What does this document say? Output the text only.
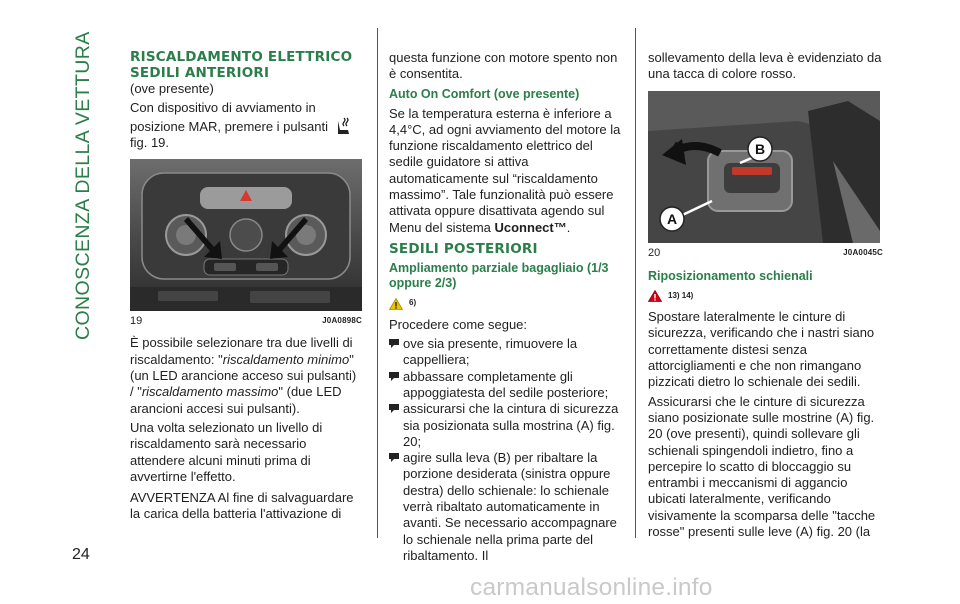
CONOSCENZA DELLA VETTURA
24
carmanualsonline.info
RISCALDAMENTO ELETTRICO
SEDILI ANTERIORI

(ove presente)

Con dispositivo di avviamento in posizione MAR, premere i pulsanti
fig. 19.

19	J0A0898C

È possibile selezionare tra due livelli di riscaldamento: "riscaldamento minimo" (un LED arancione acceso sui pulsanti) / "riscaldamento massimo" (due LED arancioni accesi sui pulsanti).

Una volta selezionato un livello di riscaldamento sarà necessario attendere alcuni minuti prima di avvertirne l'effetto.

AVVERTENZA Al fine di salvaguardare la carica della batteria l'attivazione di

questa funzione con motore spento non è consentita.

Auto On Comfort (ove presente)

Se la temperatura esterna è inferiore a 4,4°C, ad ogni avviamento del motore la funzione riscaldamento elettrico del sedile guidatore si attiva automaticamente sul “riscaldamento massimo”. Tale funzionalità può essere attivata oppure disattivata agendo sul Menu del sistema Uconnect™.

SEDILI POSTERIORI
Ampliamento parziale bagagliaio (1/3 oppure 2/3)
6)

Procedere come segue:

ove sia presente, rimuovere la cappelliera;
abbassare completamente gli appoggiatesta del sedile posteriore;
assicurarsi che la cintura di sicurezza sia posizionata sulla mostrina (A) fig. 20;
agire sulla leva (B) per ribaltare la porzione desiderata (sinistra oppure destra) dello schienale: lo schienale verrà ribaltato automaticamente in avanti. Se necessario accompagnare lo schienale nella prima parte del ribaltamento. Il

sollevamento della leva è evidenziato da una tacca di colore rosso.

A
B
20	J0A0045C
Riposizionamento schienali
13) 14)

Spostare lateralmente le cinture di sicurezza, verificando che i nastri siano correttamente distesi senza attorcigliamenti e che non rimangano pizzicati dietro lo schienale dei sedili.

Assicurarsi che le cinture di sicurezza siano posizionate sulle mostrine (A) fig. 20 (ove presenti), quindi sollevare gli schienali spingendoli indietro, fino a percepire lo scatto di bloccaggio su entrambi i meccanismi di aggancio ubicati lateralmente, verificando visivamente la scomparsa delle "tacche rosse" presenti sulle leve (A) fig. 20 (la
